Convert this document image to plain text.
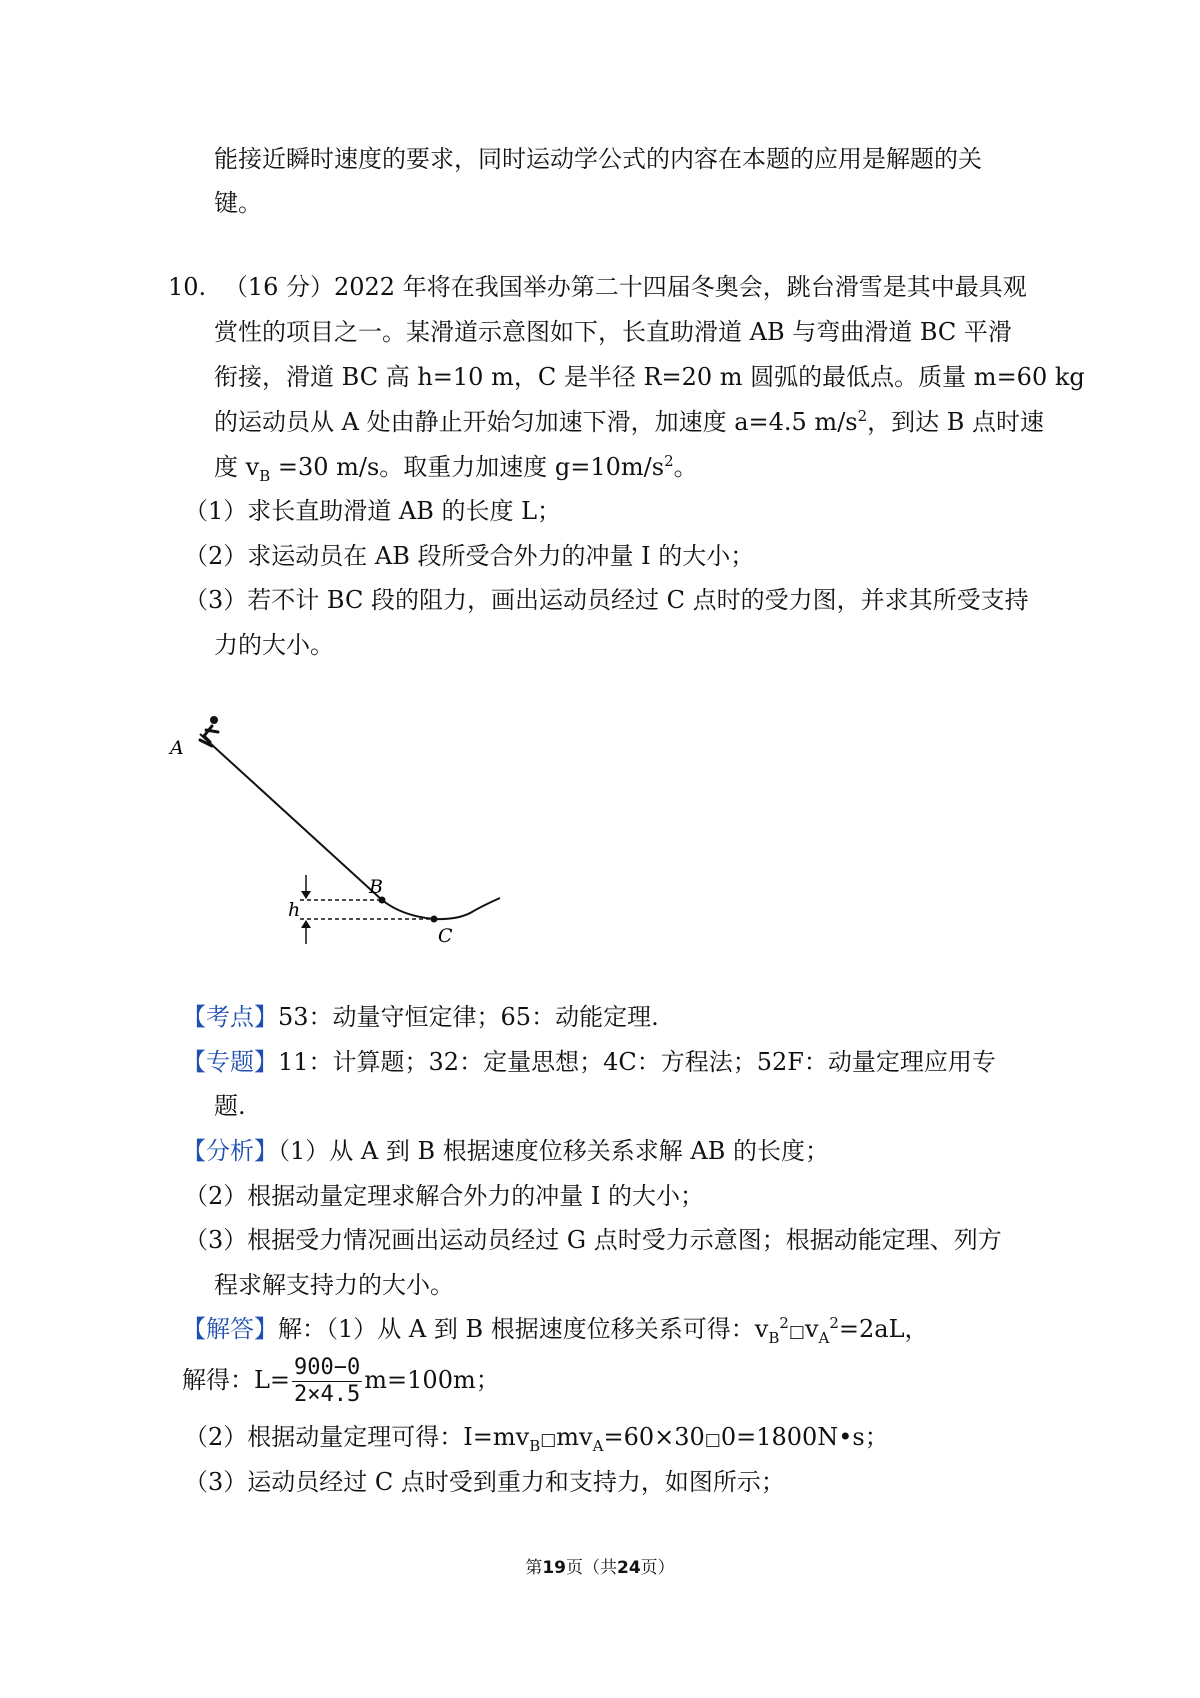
能接近瞬时速度的要求，同时运动学公式的内容在本题的应用是解题的关
键。
10. （16 分）2022 年将在我国举办第二十四届冬奥会，跳台滑雪是其中最具观
赏性的项目之一。某滑道示意图如下，长直助滑道 AB 与弯曲滑道 BC 平滑
衔接，滑道 BC 高 h=10 m，C 是半径 R=20 m 圆弧的最低点。质量 m=60 kg
的运动员从 A 处由静止开始匀加速下滑，加速度 a=4.5 $m/s^2$，到达 B 点时速
度 $v_B =30$ m/s。取重力加速度 $g=10m/s^2$。
（1）求长直助滑道 AB 的长度 L；
（2）求运动员在 AB 段所受合外力的冲量 I 的大小；
（3）若不计 BC 段的阻力，画出运动员经过 C 点时的受力图，并求其所受支持
力的大小。
A
B
C
h
【考点】53：动量守恒定律；65：动能定理.
【专题】11：计算题；32：定量思想；4C：方程法；52F：动量定理应用专
题.
【分析】（1）从 A 到 B 根据速度位移关系求解 AB 的长度；
（2）根据动量定理求解合外力的冲量 I 的大小；
（3）根据受力情况画出运动员经过 G 点时受力示意图；根据动能定理、列方
程求解支持力的大小。
【解答】解：（1）从 A 到 B 根据速度位移关系可得：$v_B^2□v_A^2=2aL$，
解得：$L= \frac{900-0}{2\times 4.5} m=100m$；
（2）根据动量定理可得：$I=mv_B□mv_A=60\times 30□0=1800N•s$；
（3）运动员经过 C 点时受到重力和支持力，如图所示；
第19页（共24页）
